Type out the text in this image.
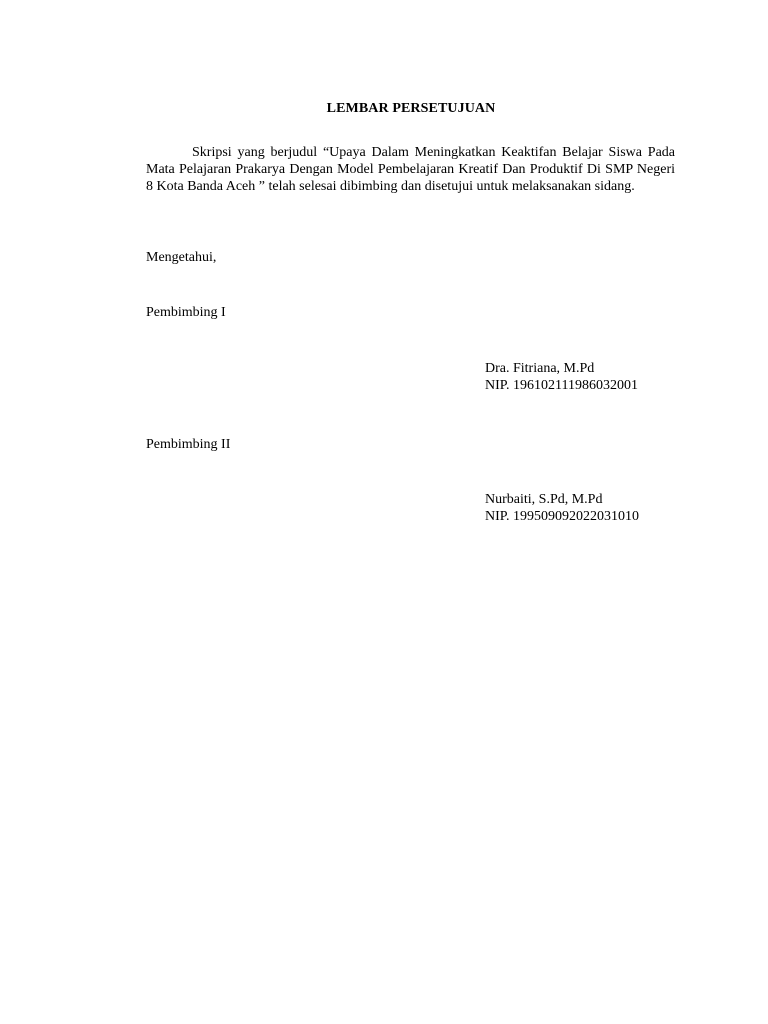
LEMBAR PERSETUJUAN

Skripsi yang berjudul “Upaya Dalam Meningkatkan Keaktifan Belajar Siswa Pada Mata Pelajaran Prakarya Dengan Model Pembelajaran Kreatif Dan Produktif Di SMP Negeri 8 Kota Banda Aceh ” telah selesai dibimbing dan disetujui untuk melaksanakan sidang.

Mengetahui,
Pembimbing I
Dra. Fitriana, M.Pd
NIP. 196102111986032001
Pembimbing II
Nurbaiti, S.Pd, M.Pd
NIP. 199509092022031010
